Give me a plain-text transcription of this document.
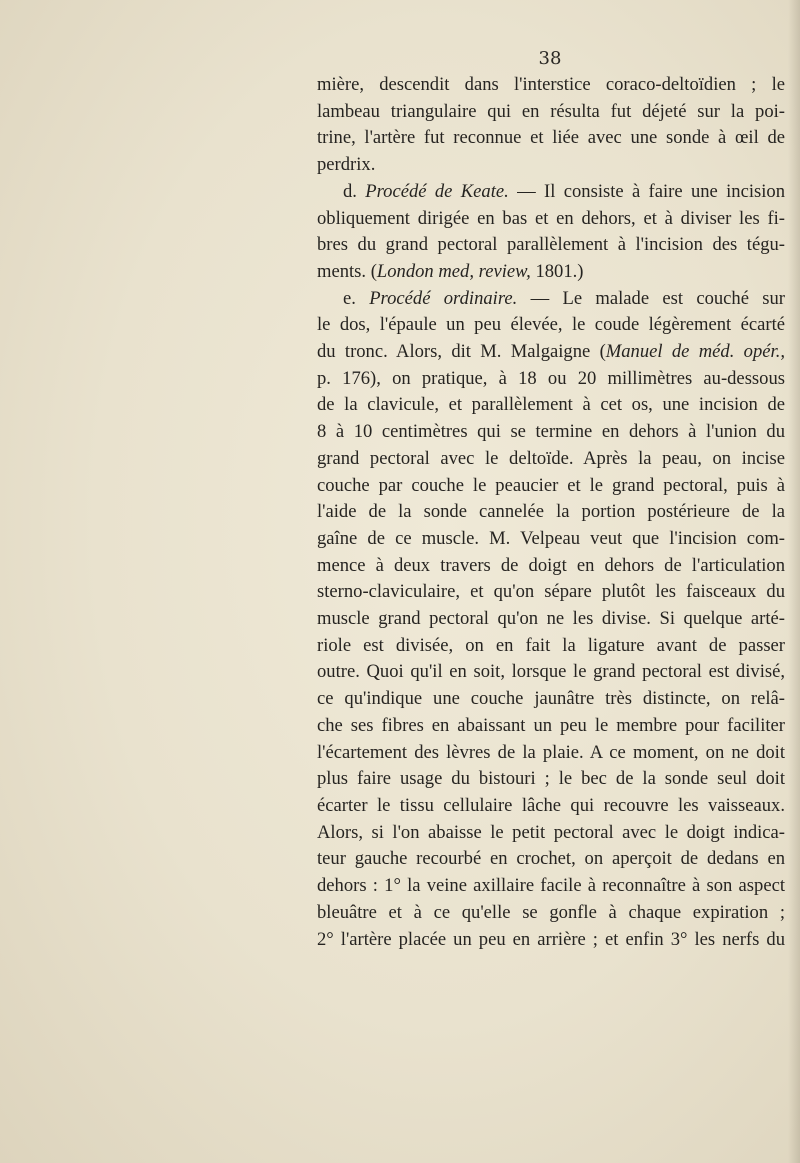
38
mière, descendit dans l'interstice coraco-deltoïdien ; le
lambeau triangulaire qui en résulta fut déjeté sur la poi-
trine, l'artère fut reconnue et liée avec une sonde à œil de
perdrix.
d. Procédé de Keate. — Il consiste à faire une incision
obliquement dirigée en bas et en dehors, et à diviser les fi-
bres du grand pectoral parallèlement à l'incision des tégu-
ments. (London med, review, 1801.)
e. Procédé ordinaire. — Le malade est couché sur
le dos, l'épaule un peu élevée, le coude légèrement écarté
du tronc. Alors, dit M. Malgaigne (Manuel de méd. opér.,
p. 176), on pratique, à 18 ou 20 millimètres au-dessous
de la clavicule, et parallèlement à cet os, une incision de
8 à 10 centimètres qui se termine en dehors à l'union du
grand pectoral avec le deltoïde. Après la peau, on incise
couche par couche le peaucier et le grand pectoral, puis à
l'aide de la sonde cannelée la portion postérieure de la
gaîne de ce muscle. M. Velpeau veut que l'incision com-
mence à deux travers de doigt en dehors de l'articulation
sterno-claviculaire, et qu'on sépare plutôt les faisceaux du
muscle grand pectoral qu'on ne les divise. Si quelque arté-
riole est divisée, on en fait la ligature avant de passer
outre. Quoi qu'il en soit, lorsque le grand pectoral est divisé,
ce qu'indique une couche jaunâtre très distincte, on relâ-
che ses fibres en abaissant un peu le membre pour faciliter
l'écartement des lèvres de la plaie. A ce moment, on ne doit
plus faire usage du bistouri ; le bec de la sonde seul doit
écarter le tissu cellulaire lâche qui recouvre les vaisseaux.
Alors, si l'on abaisse le petit pectoral avec le doigt indica-
teur gauche recourbé en crochet, on aperçoit de dedans en
dehors : 1° la veine axillaire facile à reconnaître à son aspect
bleuâtre et à ce qu'elle se gonfle à chaque expiration ;
2° l'artère placée un peu en arrière ; et enfin 3° les nerfs du
